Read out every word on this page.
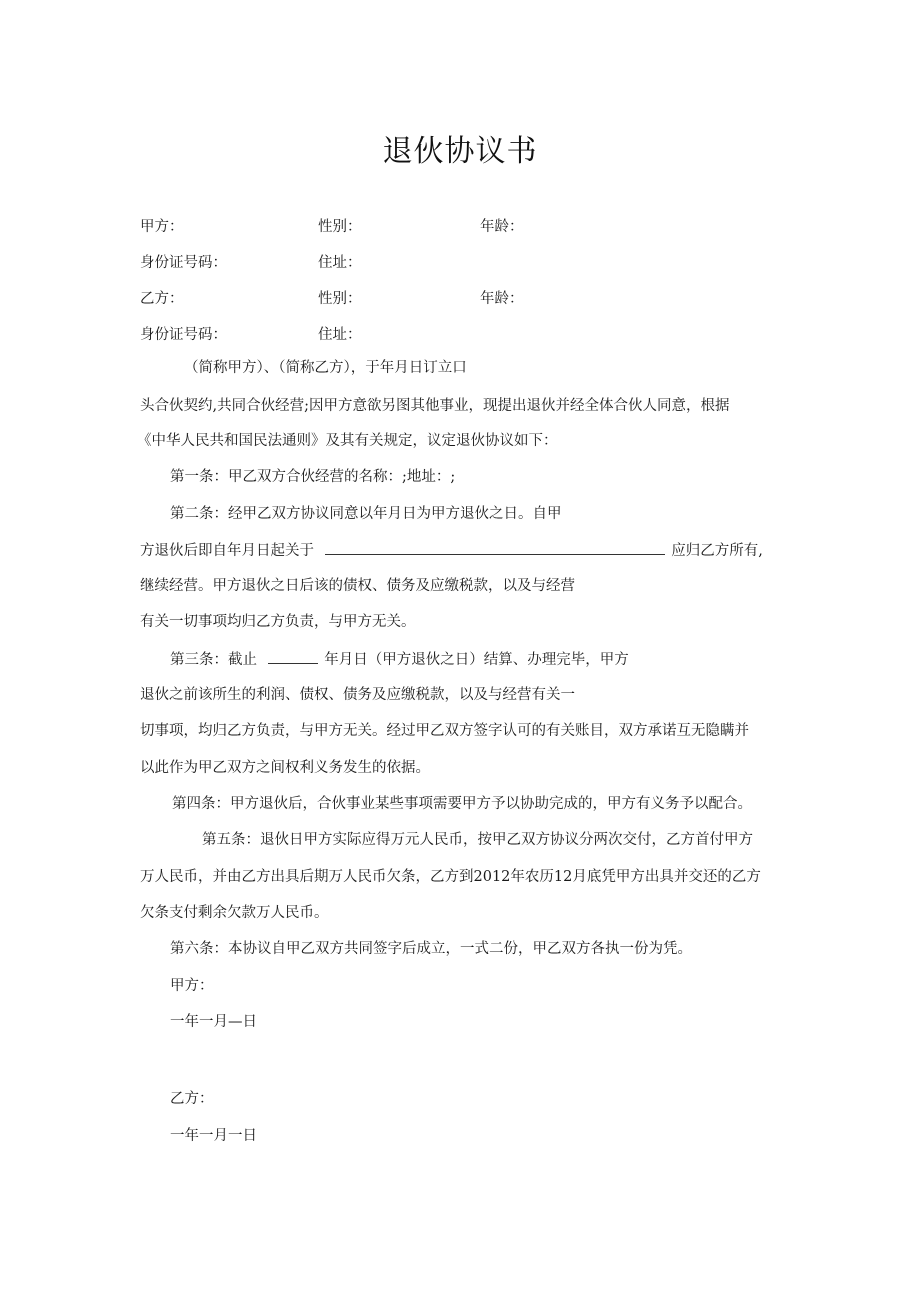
退伙协议书
甲方：	性别：	年龄：
身份证号码：	住址：
乙方：	性别：	年龄：
身份证号码：	住址：
（简称甲方）、（简称乙方），于年月日订立口
头合伙契约,共同合伙经营;因甲方意欲另图其他事业，现提出退伙并经全体合伙人同意，根据
《中华人民共和国民法通则》及其有关规定，议定退伙协议如下：
第一条：甲乙双方合伙经营的名称：;地址：;
第二条：经甲乙双方协议同意以年月日为甲方退伙之日。自甲
方退伙后即自年月日起关于	应归乙方所有,
继续经营。甲方退伙之日后该的债权、债务及应缴税款，以及与经营
有关一切事项均归乙方负责，与甲方无关。
第三条：截止	年月日（甲方退伙之日）结算、办理完毕，甲方
退伙之前该所生的利润、债权、债务及应缴税款，以及与经营有关一
切事项，均归乙方负责，与甲方无关。经过甲乙双方签字认可的有关账目，双方承诺互无隐瞒并
以此作为甲乙双方之间权利义务发生的依据。
第四条：甲方退伙后，合伙事业某些事项需要甲方予以协助完成的，甲方有义务予以配合。
第五条：退伙日甲方实际应得万元人民币，按甲乙双方协议分两次交付，乙方首付甲方
万人民币，并由乙方出具后期万人民币欠条，乙方到2012年农历12月底凭甲方出具并交还的乙方
欠条支付剩余欠款万人民币。
第六条：本协议自甲乙双方共同签字后成立，一式二份，甲乙双方各执一份为凭。
甲方：
一年一月—日
乙方：
一年一月一日
